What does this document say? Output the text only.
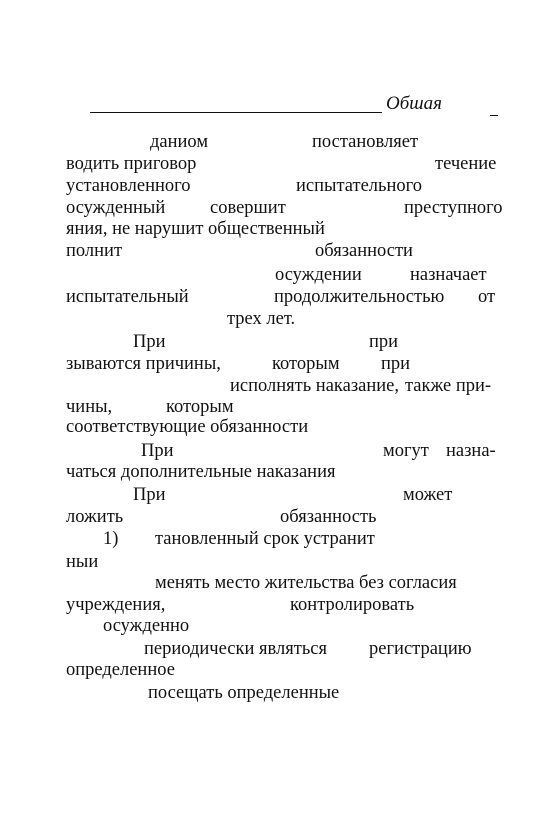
Обшая
даниом	постановляет
водить приговор	течение
установленного	испытательного
осужденный совершит	преступного
яния, не нарушит общественный
полнит	обязанности
осуждении	назначает
испытательный	продолжительностью от
трех лет.
При	при
зываются причины,	которым при
исполнять наказание, также при-
чины,	которым
соответствующие обязанности
При	могут назна-
чаться дополнительные наказания
При	может
ложить	обязанность
1) тановленный срок устранит
ныи
менять место жительства без согласия
учреждения,	контролировать
осужденно
периодически являться регистрацию
определенное
посещать определенные
